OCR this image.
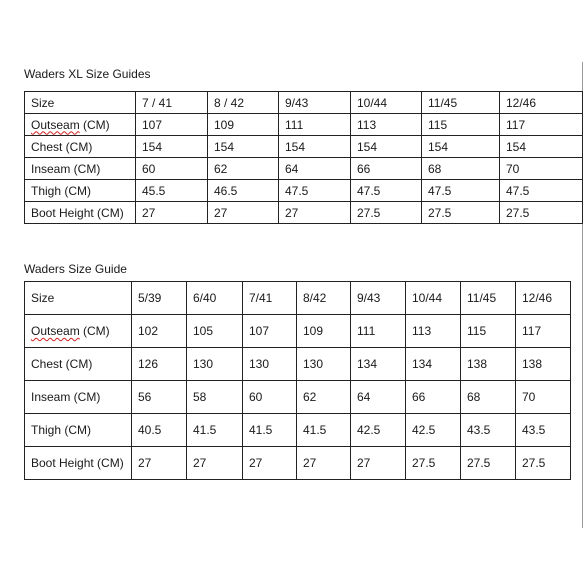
Waders XL Size Guides
Size	7 / 41	8 / 42	9/43	10/44	11/45	12/46
Outseam (CM)	107	109	111	113	115	117
Chest (CM)	154	154	154	154	154	154
Inseam (CM)	60	62	64	66	68	70
Thigh (CM)	45.5	46.5	47.5	47.5	47.5	47.5
Boot Height (CM)	27	27	27	27.5	27.5	27.5
Waders Size Guide
Size	5/39	6/40	7/41	8/42	9/43	10/44	11/45	12/46
Outseam (CM)	102	105	107	109	111	113	115	117
Chest (CM)	126	130	130	130	134	134	138	138
Inseam (CM)	56	58	60	62	64	66	68	70
Thigh (CM)	40.5	41.5	41.5	41.5	42.5	42.5	43.5	43.5
Boot Height (CM)	27	27	27	27	27	27.5	27.5	27.5
